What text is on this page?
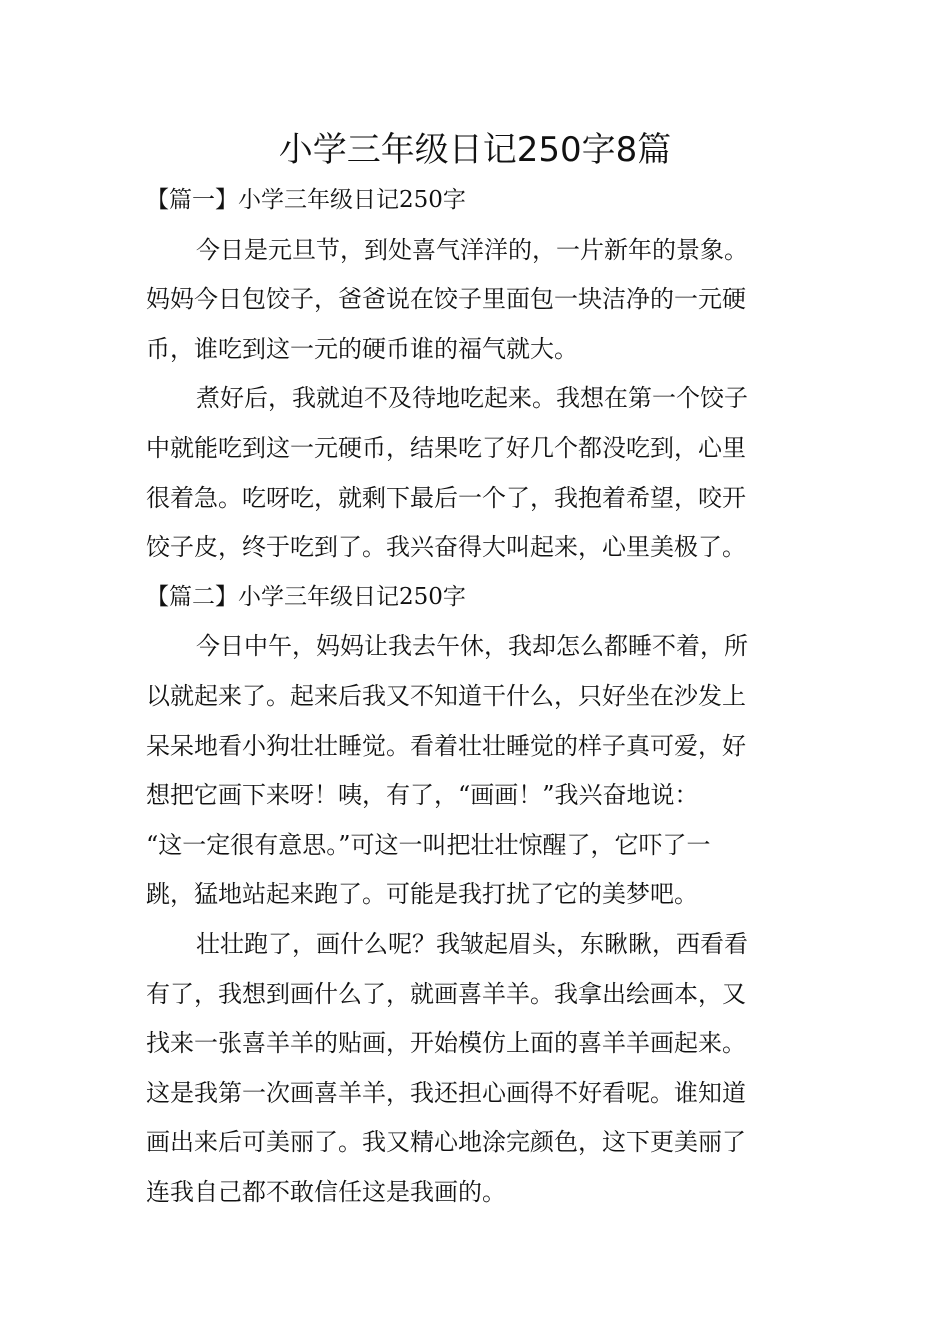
小学三年级日记250字8篇
【篇一】小学三年级日记250字
今日是元旦节，到处喜气洋洋的，一片新年的景象。
妈妈今日包饺子，爸爸说在饺子里面包一块洁净的一元硬
币，谁吃到这一元的硬币谁的福气就大。
煮好后，我就迫不及待地吃起来。我想在第一个饺子
中就能吃到这一元硬币，结果吃了好几个都没吃到，心里
很着急。吃呀吃，就剩下最后一个了，我抱着希望，咬开
饺子皮，终于吃到了。我兴奋得大叫起来，心里美极了。
【篇二】小学三年级日记250字
今日中午，妈妈让我去午休，我却怎么都睡不着，所
以就起来了。起来后我又不知道干什么，只好坐在沙发上
呆呆地看小狗壮壮睡觉。看着壮壮睡觉的样子真可爱，好
想把它画下来呀！咦，有了，“画画！”我兴奋地说：
“这一定很有意思。”可这一叫把壮壮惊醒了，它吓了一
跳，猛地站起来跑了。可能是我打扰了它的美梦吧。
壮壮跑了，画什么呢？我皱起眉头，东瞅瞅，西看看
有了，我想到画什么了，就画喜羊羊。我拿出绘画本，又
找来一张喜羊羊的贴画，开始模仿上面的喜羊羊画起来。
这是我第一次画喜羊羊，我还担心画得不好看呢。谁知道
画出来后可美丽了。我又精心地涂完颜色，这下更美丽了
连我自己都不敢信任这是我画的。
